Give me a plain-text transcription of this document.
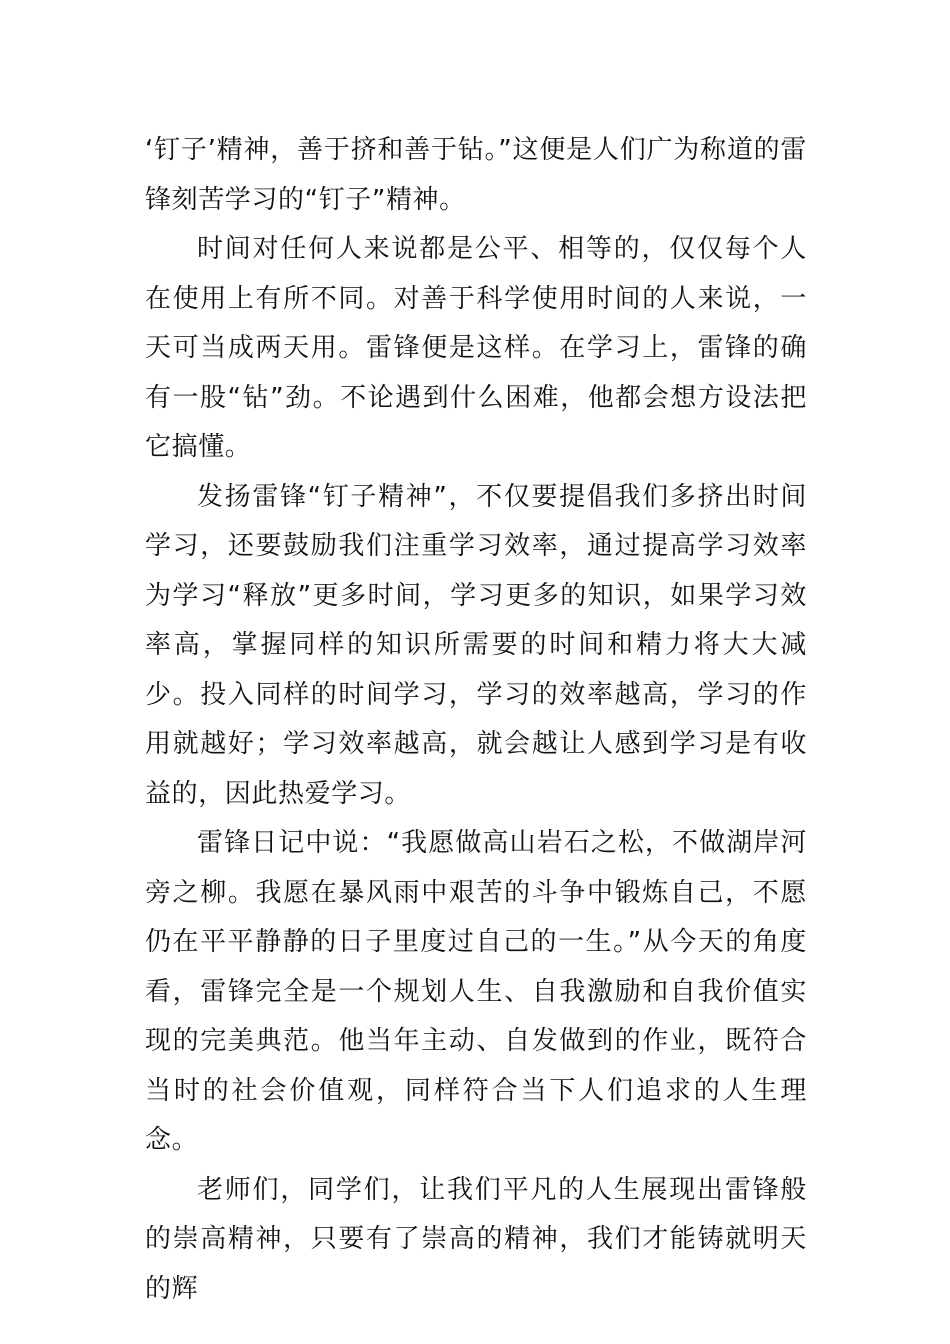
‘钉子’精神，善于挤和善于钻。”这便是人们广为称道的雷锋刻苦学习的“钉子”精神。

时间对任何人来说都是公平、相等的，仅仅每个人在使用上有所不同。对善于科学使用时间的人来说，一天可当成两天用。雷锋便是这样。在学习上，雷锋的确有一股“钻”劲。不论遇到什么困难，他都会想方设法把它搞懂。

发扬雷锋“钉子精神”，不仅要提倡我们多挤出时间学习，还要鼓励我们注重学习效率，通过提高学习效率为学习“释放”更多时间，学习更多的知识，如果学习效率高，掌握同样的知识所需要的时间和精力将大大减少。投入同样的时间学习，学习的效率越高，学习的作用就越好；学习效率越高，就会越让人感到学习是有收益的，因此热爱学习。

雷锋日记中说：“我愿做高山岩石之松，不做湖岸河旁之柳。我愿在暴风雨中艰苦的斗争中锻炼自己，不愿仍在平平静静的日子里度过自己的一生。”从今天的角度看，雷锋完全是一个规划人生、自我激励和自我价值实现的完美典范。他当年主动、自发做到的作业，既符合当时的社会价值观，同样符合当下人们追求的人生理念。

老师们，同学们，让我们平凡的人生展现出雷锋般的崇高精神，只要有了崇高的精神，我们才能铸就明天的辉
